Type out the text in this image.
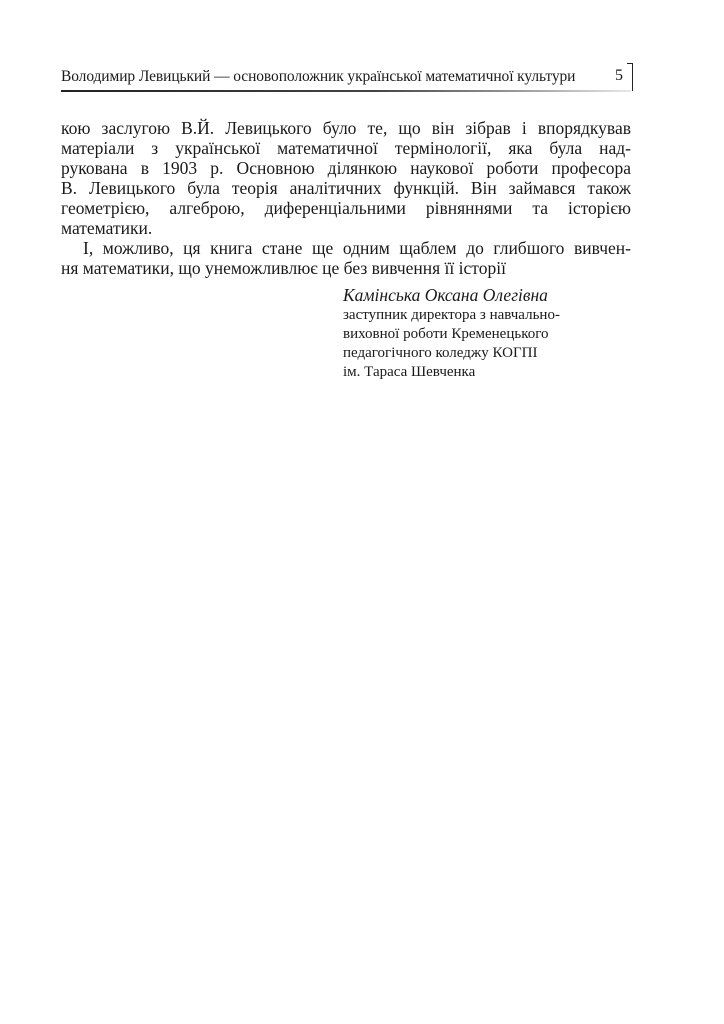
Володимир Левицький — основоположник української математичної культури 5

кою заслугою В.Й. Левицького було те, що він зібрав і впорядкував
матеріали з української математичної термінології, яка була над-
рукована в 1903 р. Основною ділянкою наукової роботи професора
В. Левицького була теорія аналітичних функцій. Він займався також
геометрією, алгеброю, диференціальними рівняннями та історією
математики.

І, можливо, ця книга стане ще одним щаблем до глибшого вивчен-
ня математики, що унеможливлює це без вивчення її історії

Камінська Оксана Олегівна

заступник директора з навчально-

виховної роботи Кременецького

педагогічного коледжу КОГПІ

ім. Тараса Шевченка
